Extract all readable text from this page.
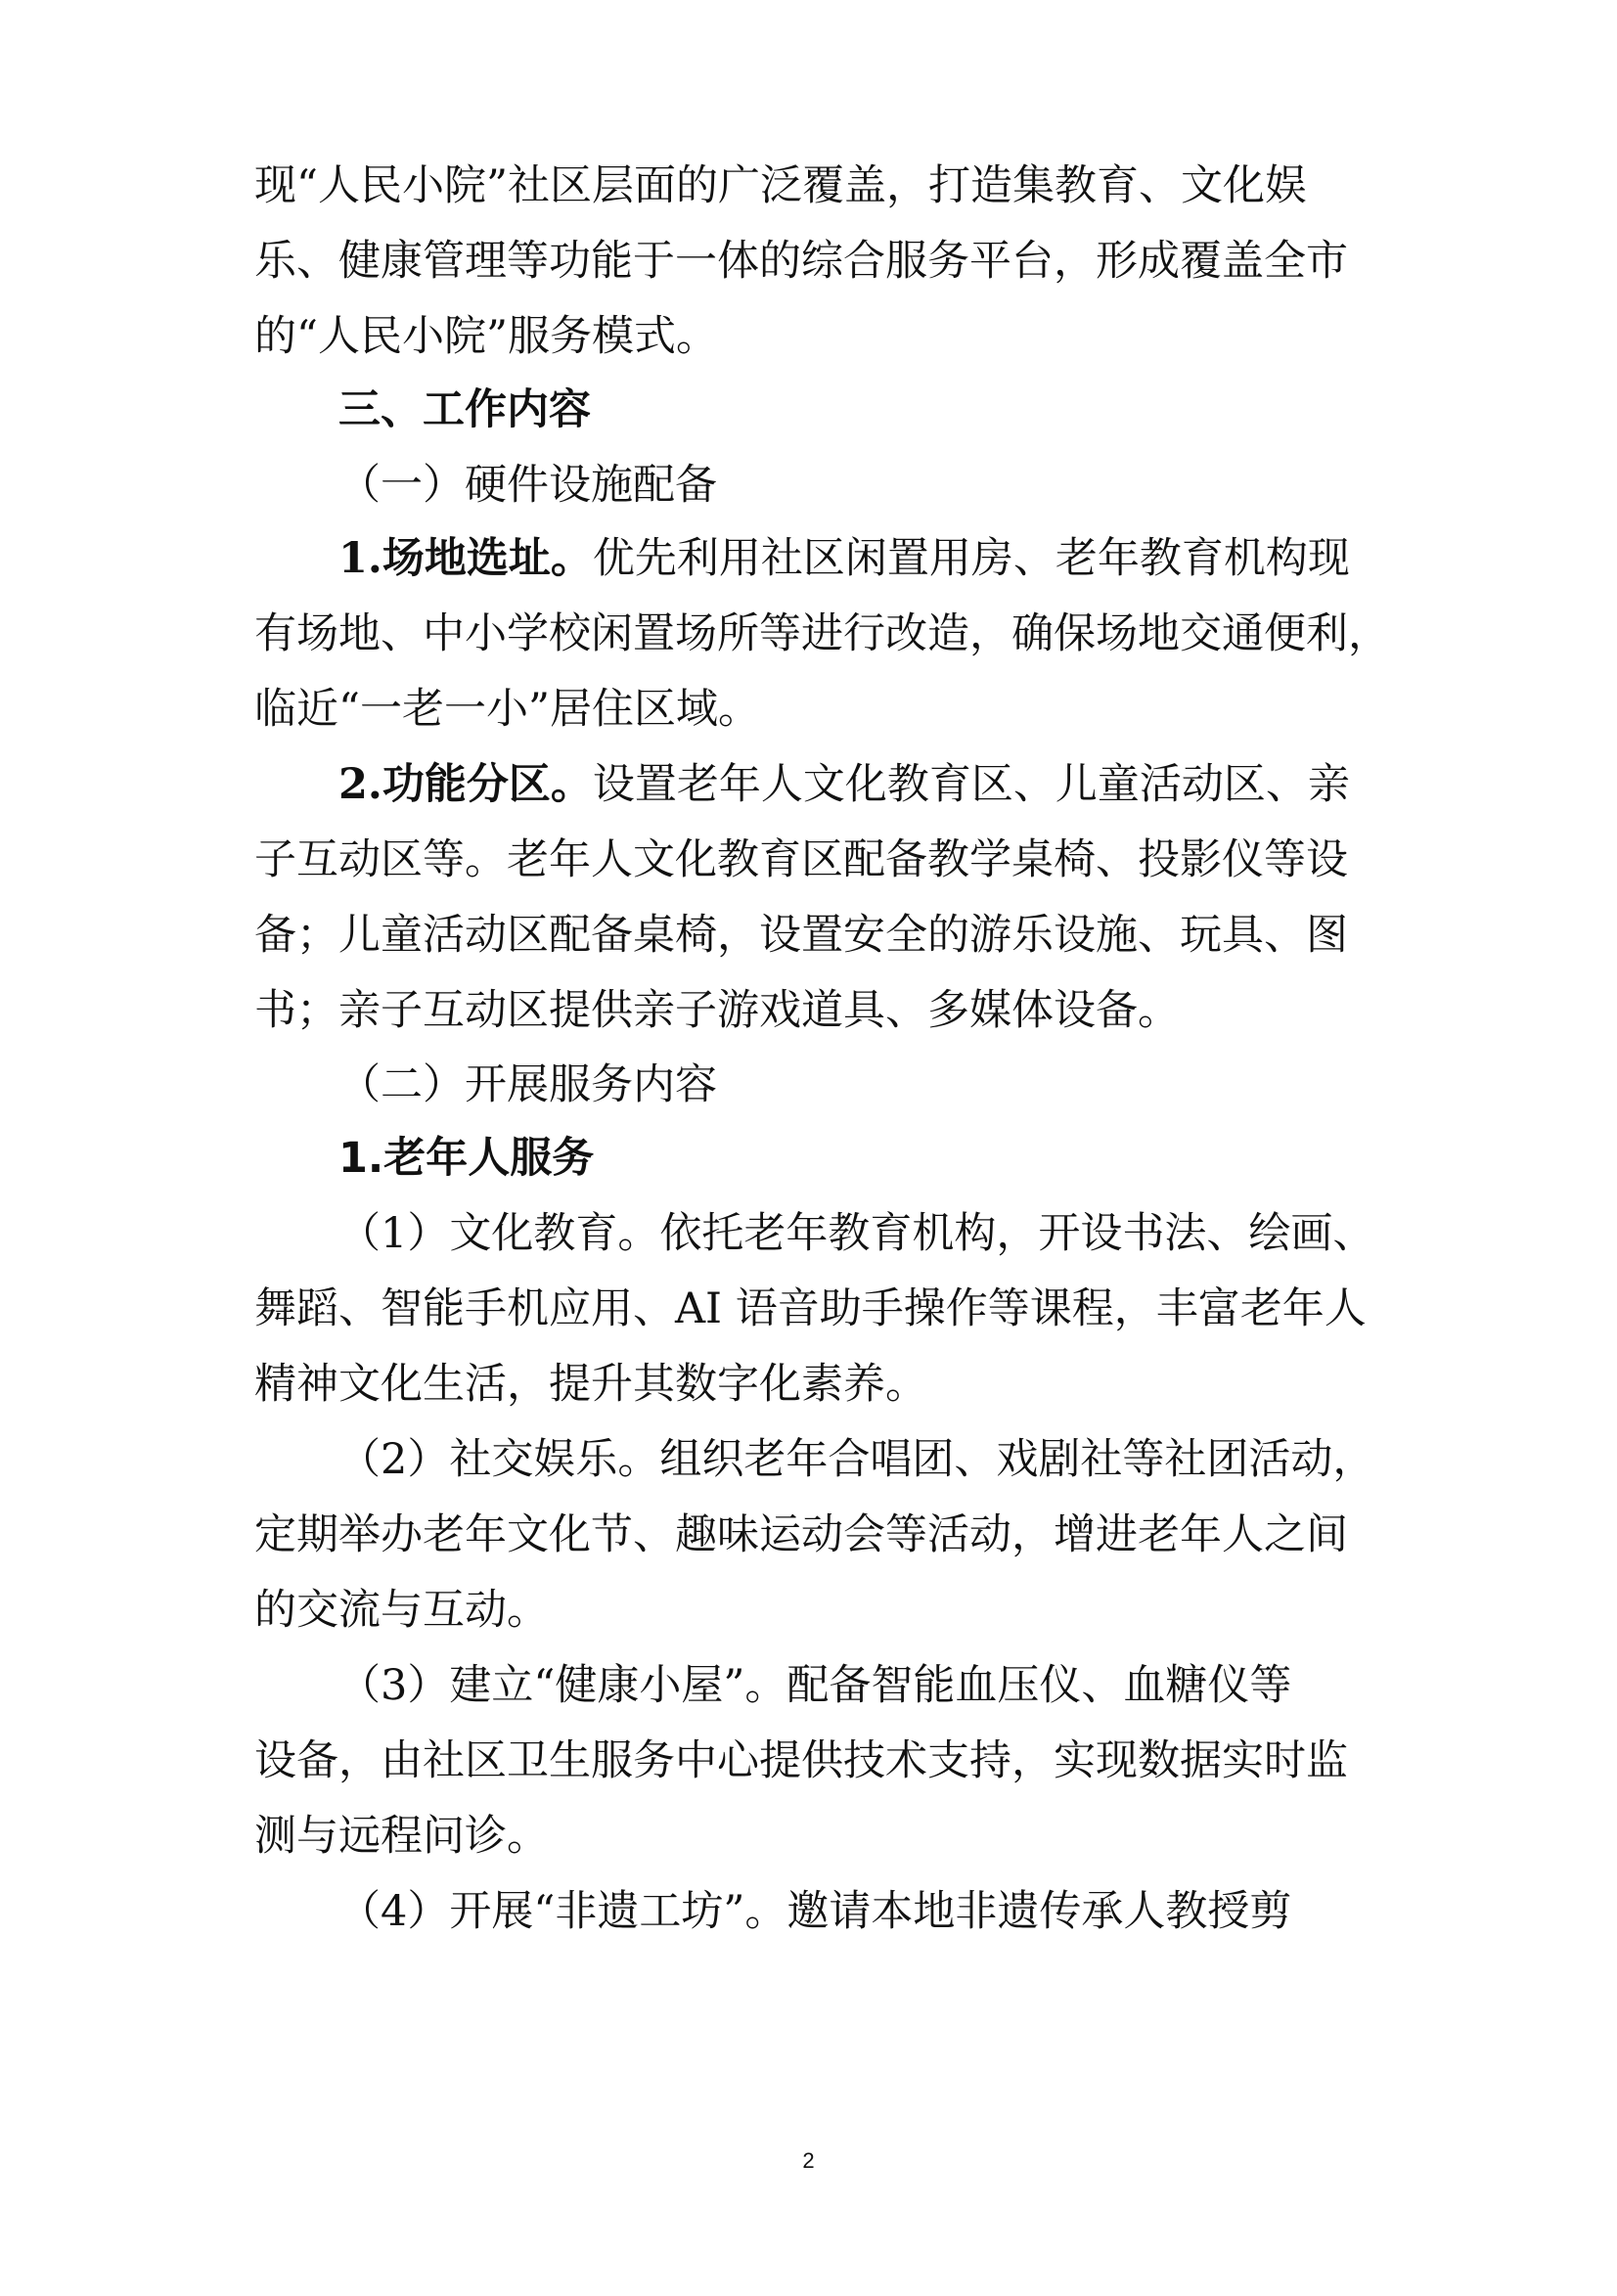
现“人民小院”社区层面的广泛覆盖，打造集教育、文化娱
乐、健康管理等功能于一体的综合服务平台，形成覆盖全市
的“人民小院”服务模式。
三、工作内容
（一）硬件设施配备
1.场地选址。优先利用社区闲置用房、老年教育机构现
有场地、中小学校闲置场所等进行改造，确保场地交通便利，
临近“一老一小”居住区域。
2.功能分区。设置老年人文化教育区、儿童活动区、亲
子互动区等。老年人文化教育区配备教学桌椅、投影仪等设
备；儿童活动区配备桌椅，设置安全的游乐设施、玩具、图
书；亲子互动区提供亲子游戏道具、多媒体设备。
（二）开展服务内容
1.老年人服务
（1）文化教育。依托老年教育机构，开设书法、绘画、
舞蹈、智能手机应用、AI 语音助手操作等课程，丰富老年人
精神文化生活，提升其数字化素养。
（2）社交娱乐。组织老年合唱团、戏剧社等社团活动，
定期举办老年文化节、趣味运动会等活动，增进老年人之间
的交流与互动。
（3）建立“健康小屋”。配备智能血压仪、血糖仪等
设备，由社区卫生服务中心提供技术支持，实现数据实时监
测与远程问诊。
（4）开展“非遗工坊”。邀请本地非遗传承人教授剪
2
